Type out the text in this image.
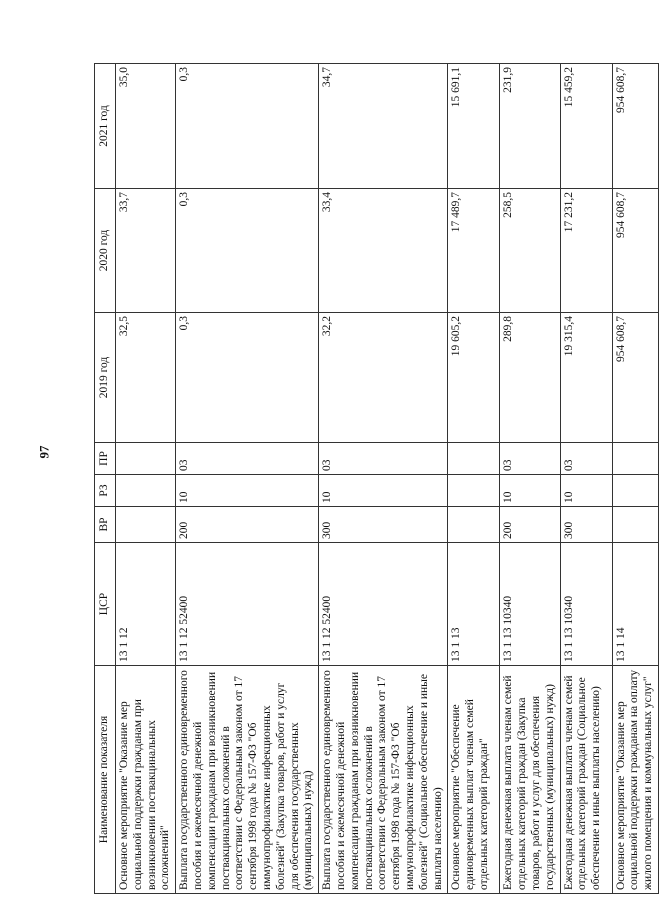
97
Наименование показателя	ЦСР	ВР	РЗ	ПР	2019 год	2020 год	2021 год
Основное мероприятие "Оказание мер социальной поддержки гражданам при возникновении поствакцинальных осложнений"	13 1 12				32,5	33,7	35,0
Выплата государственного единовременного пособия и ежемесячной денежной компенсации гражданам при возникновении поствакцинальных осложнений в соответствии с Федеральным законом от 17 сентября 1998 года № 157-ФЗ "Об иммунопрофилактике инфекционных болезней" (Закупка товаров, работ и услуг для обеспечения государственных (муниципальных) нужд)	13 1 12 52400	200	10	03	0,3	0,3	0,3
Выплата государственного единовременного пособия и ежемесячной денежной компенсации гражданам при возникновении поствакцинальных осложнений в соответствии с Федеральным законом от 17 сентября 1998 года № 157-ФЗ "Об иммунопрофилактике инфекционных болезней" (Социальное обеспечение и иные выплаты населению)	13 1 12 52400	300	10	03	32,2	33,4	34,7
Основное мероприятие "Обеспечение единовременных выплат членам семей отдельных категорий граждан"	13 1 13				19 605,2	17 489,7	15 691,1
Ежегодная денежная выплата членам семей отдельных категорий граждан (Закупка товаров, работ и услуг для обеспечения государственных (муниципальных) нужд)	13 1 13 10340	200	10	03	289,8	258,5	231,9
Ежегодная денежная выплата членам семей отдельных категорий граждан (Социальное обеспечение и иные выплаты населению)	13 1 13 10340	300	10	03	19 315,4	17 231,2	15 459,2
Основное мероприятие "Оказание мер социальной поддержки гражданам на оплату жилого помещения и коммунальных услуг"	13 1 14				954 608,7	954 608,7	954 608,7
